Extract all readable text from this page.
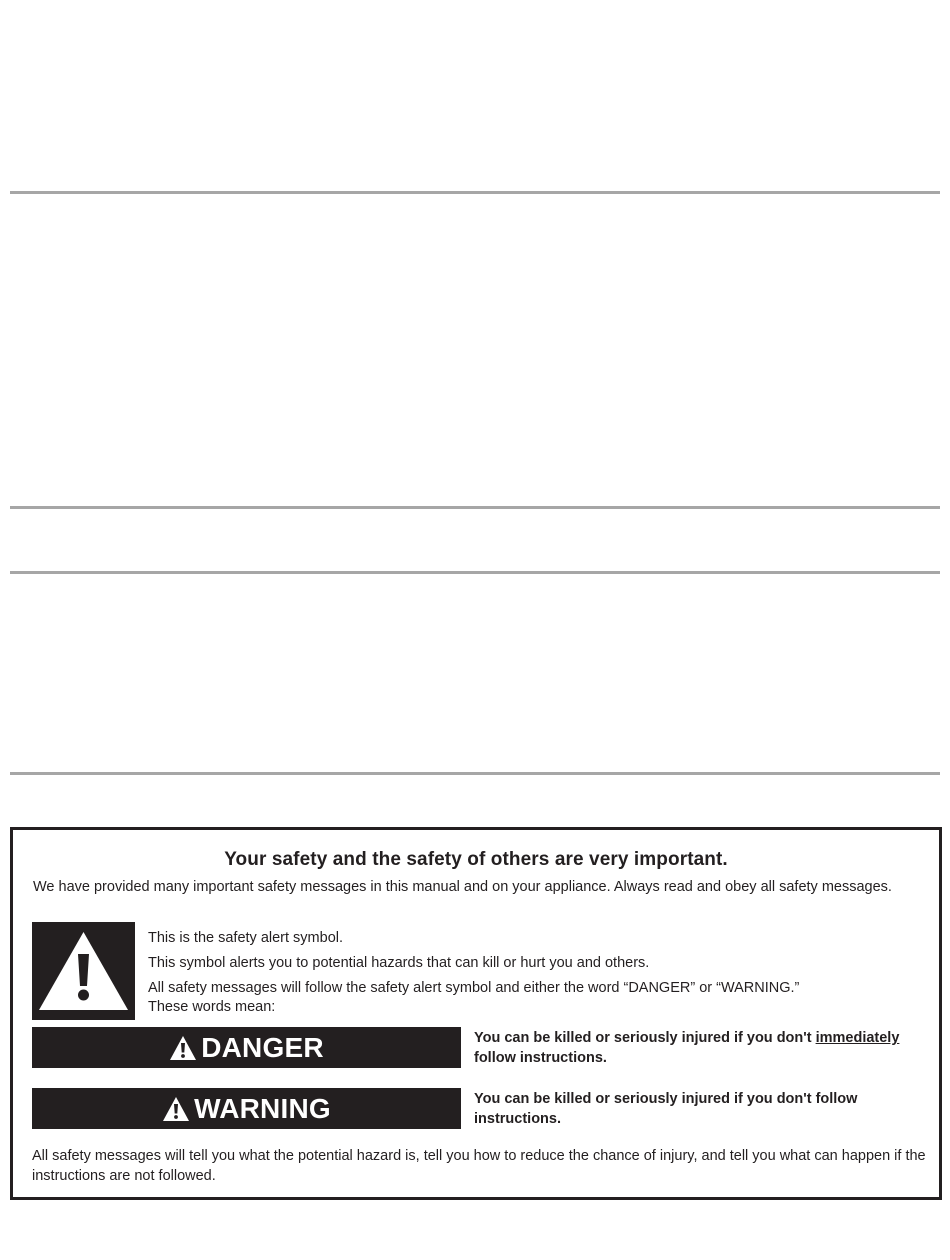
Your safety and the safety of others are very important.
We have provided many important safety messages in this manual and on your appliance. Always read and obey all safety messages.
This is the safety alert symbol.
This symbol alerts you to potential hazards that can kill or hurt you and others.
All safety messages will follow the safety alert symbol and either the word “DANGER” or “WARNING.”
These words mean:
DANGER	You can be killed or seriously injured if you don't immediately follow instructions.
WARNING	You can be killed or seriously injured if you don't follow instructions.
All safety messages will tell you what the potential hazard is, tell you how to reduce the chance of injury, and tell you what can happen if the instructions are not followed.
